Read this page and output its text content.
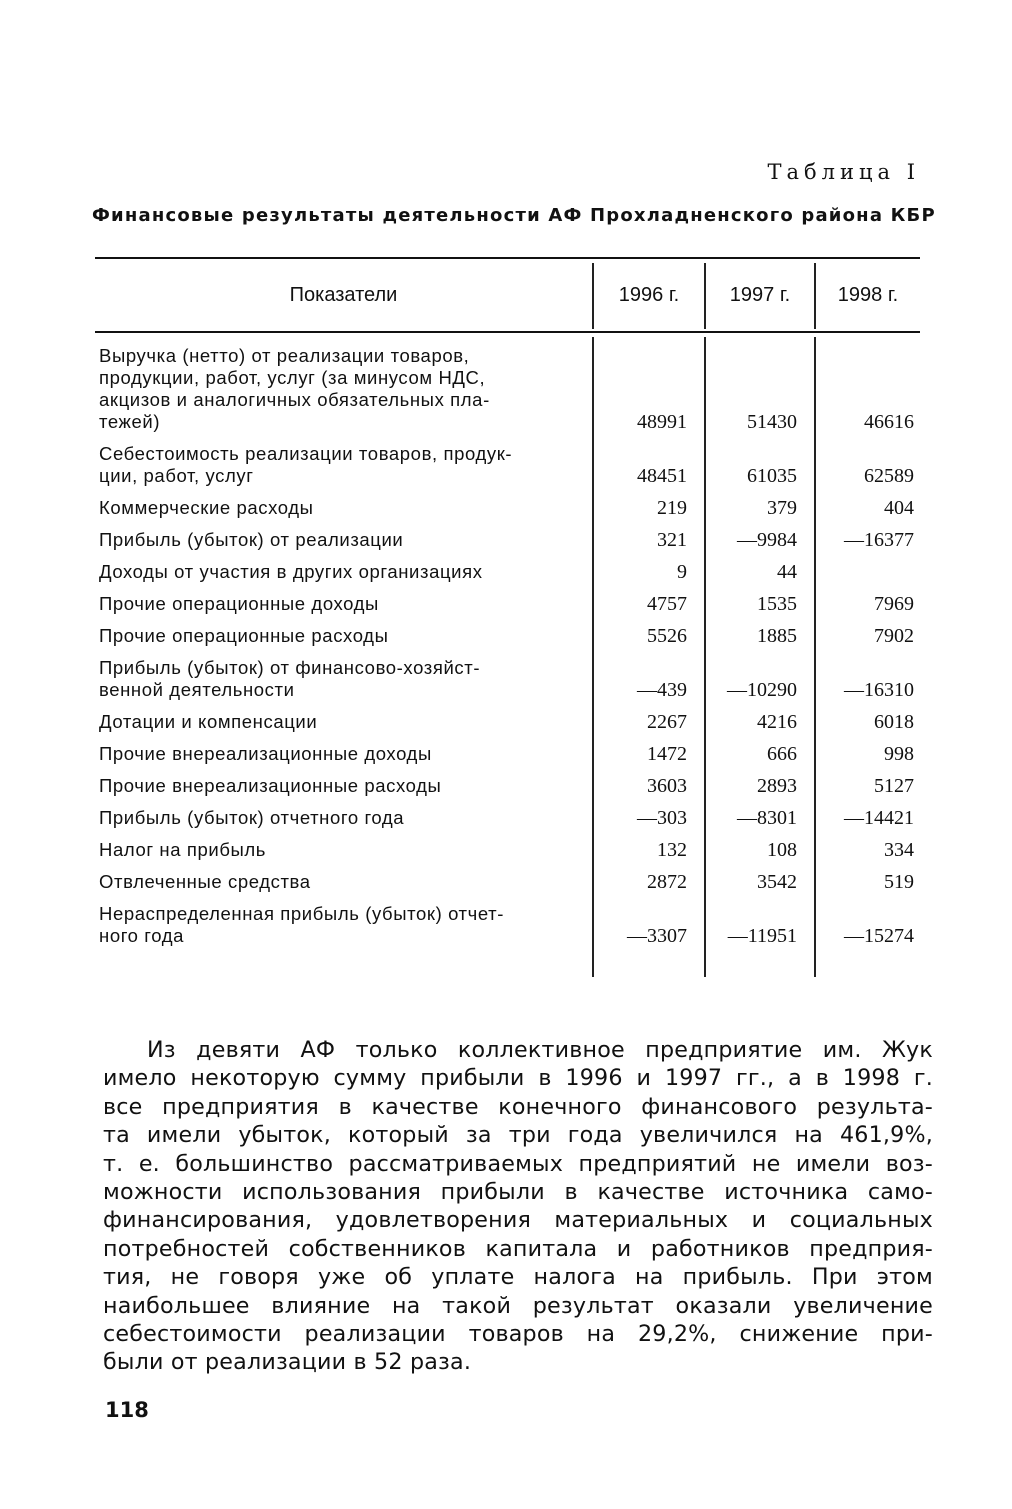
Таблица I
Финансовые результаты деятельности АФ Прохладненского района КБР
Показатели	1996 г.	1997 г.	1998 г.
Выручка (нетто) от реализации товаров,
продукции, работ, услуг (за минусом НДС,
акцизов и аналогичных обязательных пла-
тежей)	48991	51430	46616
Себестоимость реализации товаров, продук-
ции, работ, услуг	48451	61035	62589
Коммерческие расходы	219	379	404
Прибыль (убыток) от реализации	321	—9984	—16377
Доходы от участия в других организациях	9	44
Прочие операционные доходы	4757	1535	7969
Прочие операционные расходы	5526	1885	7902
Прибыль (убыток) от финансово-хозяйст-
венной деятельности	—439	—10290	—16310
Дотации и компенсации	2267	4216	6018
Прочие внереализационные доходы	1472	666	998
Прочие внереализационные расходы	3603	2893	5127
Прибыль (убыток) отчетного года	—303	—8301	—14421
Налог на прибыль	132	108	334
Отвлеченные средства	2872	3542	519
Нераспределенная прибыль (убыток) отчет-
ного года	—3307	—11951	—15274
Из девяти АФ только коллективное предприятие им. Жук
имело некоторую сумму прибыли в 1996 и 1997 гг., а в 1998 г.
все предприятия в качестве конечного финансового результа-
та имели убыток, который за три года увеличился на 461,9%,
т. е. большинство рассматриваемых предприятий не имели воз-
можности использования прибыли в качестве источника само-
финансирования, удовлетворения материальных и социальных
потребностей собственников капитала и работников предприя-
тия, не говоря уже об уплате налога на прибыль. При этом
наибольшее влияние на такой результат оказали увеличение
себестоимости реализации товаров на 29,2%, снижение при-
были от реализации в 52 раза.
118
